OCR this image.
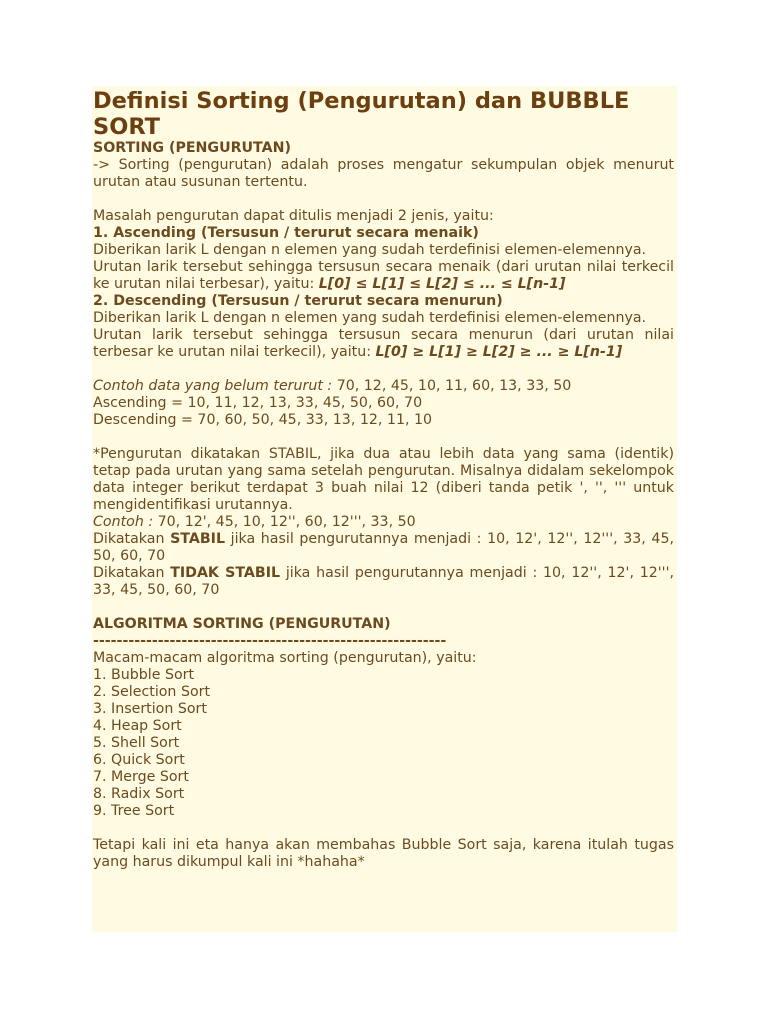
Definisi Sorting (Pengurutan) dan BUBBLE SORT

SORTING (PENGURUTAN)

-> Sorting (pengurutan) adalah proses mengatur sekumpulan objek menurut urutan atau susunan tertentu.

Masalah pengurutan dapat ditulis menjadi 2 jenis, yaitu:

1. Ascending (Tersusun / terurut secara menaik)

Diberikan larik L dengan n elemen yang sudah terdefinisi elemen-elemennya.

Urutan larik tersebut sehingga tersusun secara menaik (dari urutan nilai terkecil ke urutan nilai terbesar), yaitu: L[0] ≤ L[1] ≤ L[2] ≤ ... ≤ L[n-1]

2. Descending (Tersusun / terurut secara menurun)

Diberikan larik L dengan n elemen yang sudah terdefinisi elemen-elemennya.

Urutan larik tersebut sehingga tersusun secara menurun (dari urutan nilai terbesar ke urutan nilai terkecil), yaitu: L[0] ≥ L[1] ≥ L[2] ≥ ... ≥ L[n-1]

Contoh data yang belum terurut : 70, 12, 45, 10, 11, 60, 13, 33, 50

Ascending = 10, 11, 12, 13, 33, 45, 50, 60, 70

Descending = 70, 60, 50, 45, 33, 13, 12, 11, 10

*Pengurutan dikatakan STABIL, jika dua atau lebih data yang sama (identik) tetap pada urutan yang sama setelah pengurutan. Misalnya didalam sekelompok data integer berikut terdapat 3 buah nilai 12 (diberi tanda petik ', '', ''' untuk mengidentifikasi urutannya.

Contoh : 70, 12', 45, 10, 12'', 60, 12''', 33, 50

Dikatakan STABIL jika hasil pengurutannya menjadi : 10, 12', 12'', 12''', 33, 45, 50, 60, 70

Dikatakan TIDAK STABIL jika hasil pengurutannya menjadi : 10, 12'', 12', 12''', 33, 45, 50, 60, 70

ALGORITMA SORTING (PENGURUTAN)

------------------------------------------------------------

Macam-macam algoritma sorting (pengurutan), yaitu:

1. Bubble Sort
2. Selection Sort
3. Insertion Sort
4. Heap Sort
5. Shell Sort
6. Quick Sort
7. Merge Sort
8. Radix Sort
9. Tree Sort

Tetapi kali ini eta hanya akan membahas Bubble Sort saja, karena itulah tugas yang harus dikumpul kali ini *hahaha*
